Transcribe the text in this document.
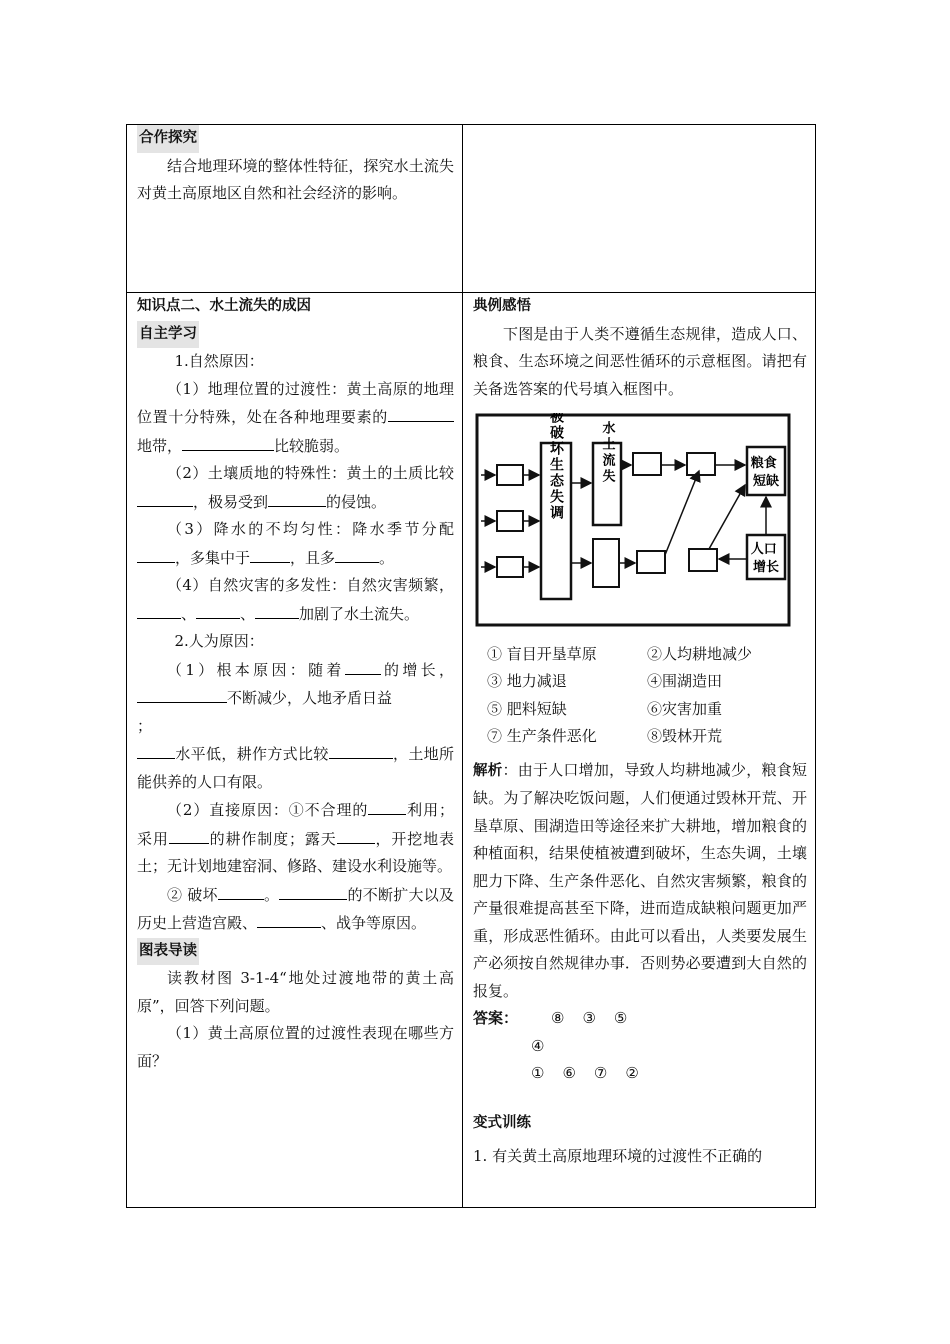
合作探究
结合地理环境的整体性特征，探究水土流失对黄土高原地区自然和社会经济的影响。
知识点二、水土流失的成因
自主学习
1.自然原因：
（1）地理位置的过渡性：黄土高原的地理位置十分特殊，处在各种地理要素的地带，	比较脆弱。
（2）土壤质地的特殊性：黄土的土质比较，极易受到	的侵蚀。
（3）降水的不均匀性：降水季节分配，多集中于	，且多	。
（4）自然灾害的多发性：自然灾害频繁，、	、	加剧了水土流失。
2.人为原因：
（1）根本原因：随着 的增长，不断减少，人地矛盾日益
；
水平低，耕作方式比较	，土地所能供养的人口有限。
（2）直接原因：①不合理的	利用；采用	的耕作制度；露天	，开挖地表土；无计划地建窑洞、修路、建设水利设施等。
② 破坏	。	的不断扩大以及历史上营造宫殿、	、战争等原因。
图表导读
读教材图 3-1-4“地处过渡地带的黄土高原”，回答下列问题。
（1）黄土高原位置的过渡性表现在哪些方面？
典例感悟
下图是由于人类不遵循生态规律，造成人口、粮食、生态环境之间恶性循环的示意框图。请把有关备选答案的代号填入框图中。
植被破坏生态失调	水土流失	粮食 短缺
人口 增长
① 盲目开垦草原	②人均耕地减少
③ 地力减退	④围湖造田
⑤ 肥料短缺	⑥灾害加重
⑦ 生产条件恶化	⑧毁林开荒
解析：由于人口增加，导致人均耕地减少，粮食短缺。为了解决吃饭问题，人们便通过毁林开荒、开垦草原、围湖造田等途径来扩大耕地，增加粮食的种植面积，结果使植被遭到破坏，生态失调，土壤肥力下降、生产条件恶化、自然灾害频繁，粮食的产量很难提高甚至下降，进而造成缺粮问题更加严重，形成恶性循环。由此可以看出，人类要发展生产必须按自然规律办事．否则势必要遭到大自然的报复。
答案：	⑧ ③ ⑤
④
① ⑥ ⑦ ②
变式训练
1. 有关黄土高原地理环境的过渡性不正确的
